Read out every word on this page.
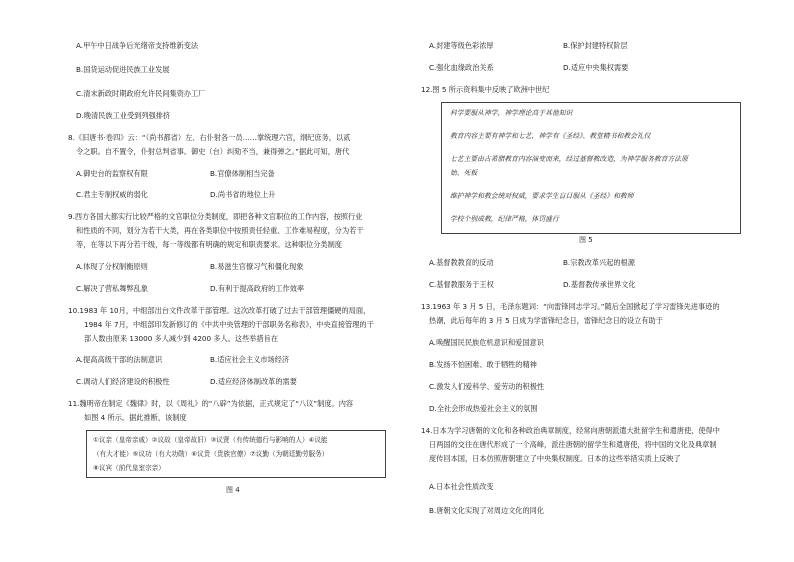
A.甲午中日战争后光绪帝支持维新变法
B.国货运动促进民族工业发展
C.清末新政时期政府允许民间集资办工厂
D.晚清民族工业受到列强排挤
8.《旧唐书·卷四》云：“（尚书都省）左、右仆射各一员……掌统理六官，纲纪庶务，以贰
令之职。自不置令，仆射总判省事。御史（台）纠劾不当，兼得弹之。”据此可知，唐代
A.御史台的监察权有限	B.官僚体制相当完备
C.君主专制权威的弱化	D.尚书省的地位上升
9.西方各国大都实行比较严格的文官职位分类制度，即把各种文官职位的工作内容，按照行业
和性质的不同，划分为若干大类，再在各类职位中按照责任轻重、工作难易程度，分为若干
等，在等以下再分若干级，每一等级都有明确的规定和职责要求。这种职位分类制度
A.体现了分权制衡原则	B.易滋生官僚习气和僵化现象
C.解决了营私舞弊乱象	D.有利于提高政府的工作效率
10.1983 年 10月，中组部出台文件改革干部管理。这次改革打破了过去干部管理僵硬的局面，
1984 年 7月，中组部印发新修订的《中共中央管理的干部职务名称表》，中央直接管理的干
部人数由原来 13000 多人减少到 4200 多人。这些举措旨在
A.提高高级干部的法制意识	B.适应社会主义市场经济
C.调动人们经济建设的积极性	D.适应经济体制改革的需要
11.魏明帝在制定《魏律》时，以《周礼》的“八辟”为依据，正式规定了“八议”制度。内容
如图 4 所示。据此推断，该制度
①议亲（皇帝亲戚）②议故（皇帝故旧）③议贤（有传统德行与影响的人）④议能
（有大才能）⑤议功（有大功勋）⑥议贵（贵族官僚）⑦议勤（为朝廷勤劳服务）
⑧议宾（前代皇室宗亲）
图 4
A.封建等级色彩浓厚	B.保护封建特权阶层
C.强化血缘政治关系	D.适应中央集权需要
12.图 5 所示资料集中反映了欧洲中世纪
科学要服从神学，神学理论高于其他知识
教育内容主要有神学和七艺，神学有《圣经》、教堂精书和教会礼仪
七艺主要由古希腊教育内容演变而来，经过基督教改造，为神学服务教育方法原
始、死板
维护神学和教会统对权威，要求学生盲目服从《圣经》和教师
学校个别成教，纪律严格，体罚盛行
图 5
A.基督教教育的反动	B.宗教改革兴起的根源
C.基督教服务于王权	D.基督教传承世界文化
13.1963 年 3 月 5 日，毛泽东题词：“向雷锋同志学习。”随后全国掀起了学习雷锋先进事迹的
热潮，此后每年的 3 月 5 日成为学雷锋纪念日，雷锋纪念日的设立有助于
A.唤醒国民民族危机意识和爱国意识
B.发扬不怕困难、敢于牺牲的精神
C.激发人们爱科学、爱劳动的积极性
D.全社会形成热爱社会主义的氛围
14.日本为学习唐朝的文化和各种政治典章制度，经常向唐朝派遣大批留学生和遣唐使，使得中
日两国的交往在唐代形成了一个高峰，派往唐朝的留学生和遣唐使，将中国的文化及典章制
度传回本国，日本仿照唐朝建立了中央集权制度。日本的这些举措实质上反映了
A.日本社会性质改变
B.唐朝文化实现了对周边文化的同化
